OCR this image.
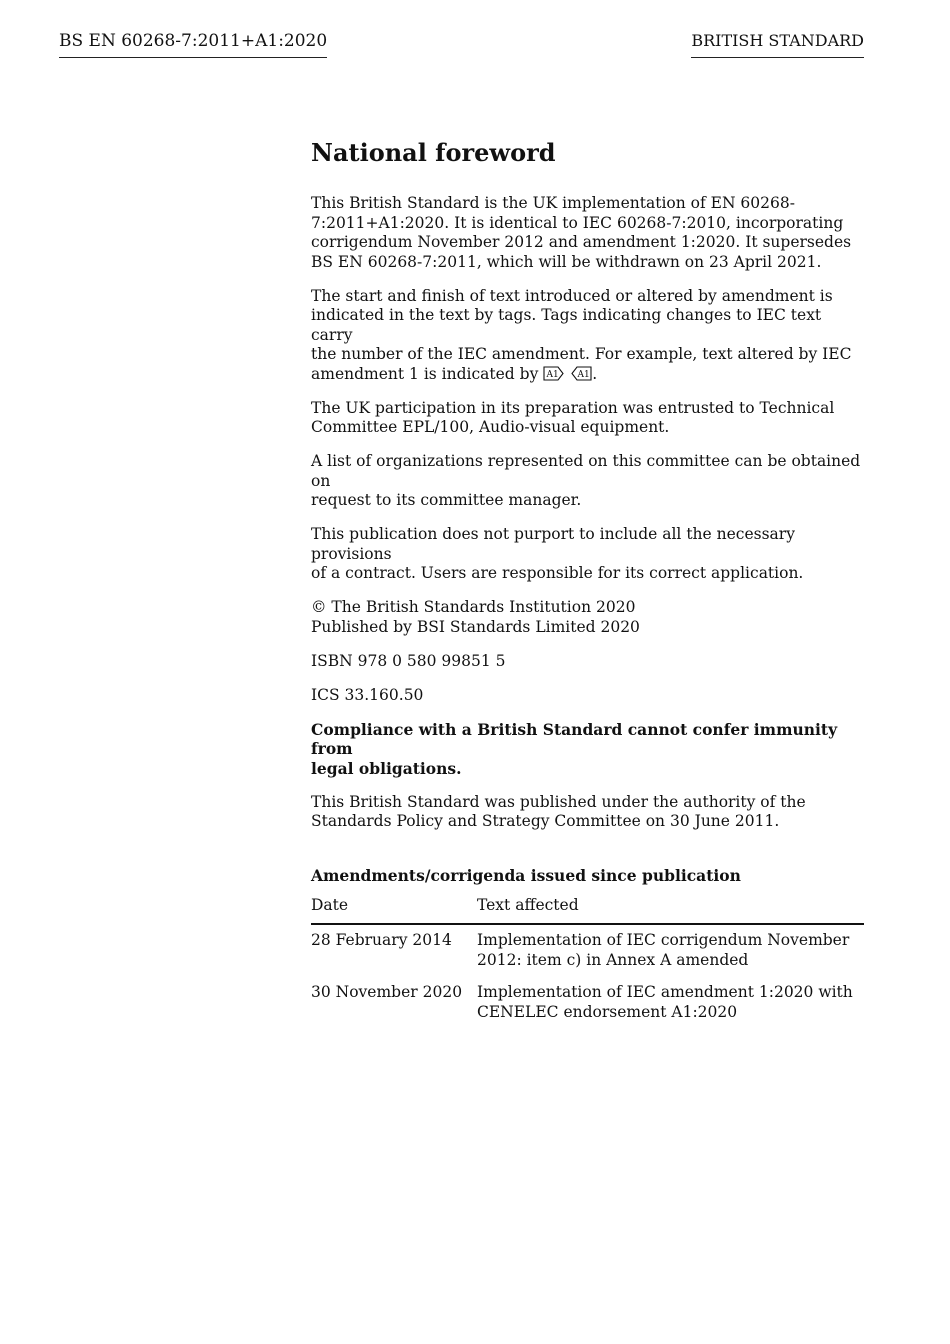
BS EN 60268-7:2011+A1:2020	BRITISH STANDARD
National foreword

This British Standard is the UK implementation of EN 60268-
7:2011+A1:2020. It is identical to IEC 60268-7:2010, incorporating
corrigendum November 2012 and amendment 1:2020. It supersedes
BS EN 60268-7:2011, which will be withdrawn on 23 April 2021.

The start and finish of text introduced or altered by amendment is
indicated in the text by tags. Tags indicating changes to IEC text carry
the number of the IEC amendment. For example, text altered by IEC
amendment 1 is indicated by A1
A1 .

The UK participation in its preparation was entrusted to Technical
Committee EPL/100, Audio-visual equipment.

A list of organizations represented on this committee can be obtained on
request to its committee manager.

This publication does not purport to include all the necessary provisions
of a contract. Users are responsible for its correct application.

© The British Standards Institution 2020
Published by BSI Standards Limited 2020

ISBN 978 0 580 99851 5

ICS 33.160.50

Compliance with a British Standard cannot confer immunity from
legal obligations.

This British Standard was published under the authority of the
Standards Policy and Strategy Committee on 30 June 2011.

Amendments/corrigenda issued since publication
Date	Text affected
28 February 2014	Implementation of IEC corrigendum November
2012: item c) in Annex A amended

30 November 2020	Implementation of IEC amendment 1:2020 with
CENELEC endorsement A1:2020
